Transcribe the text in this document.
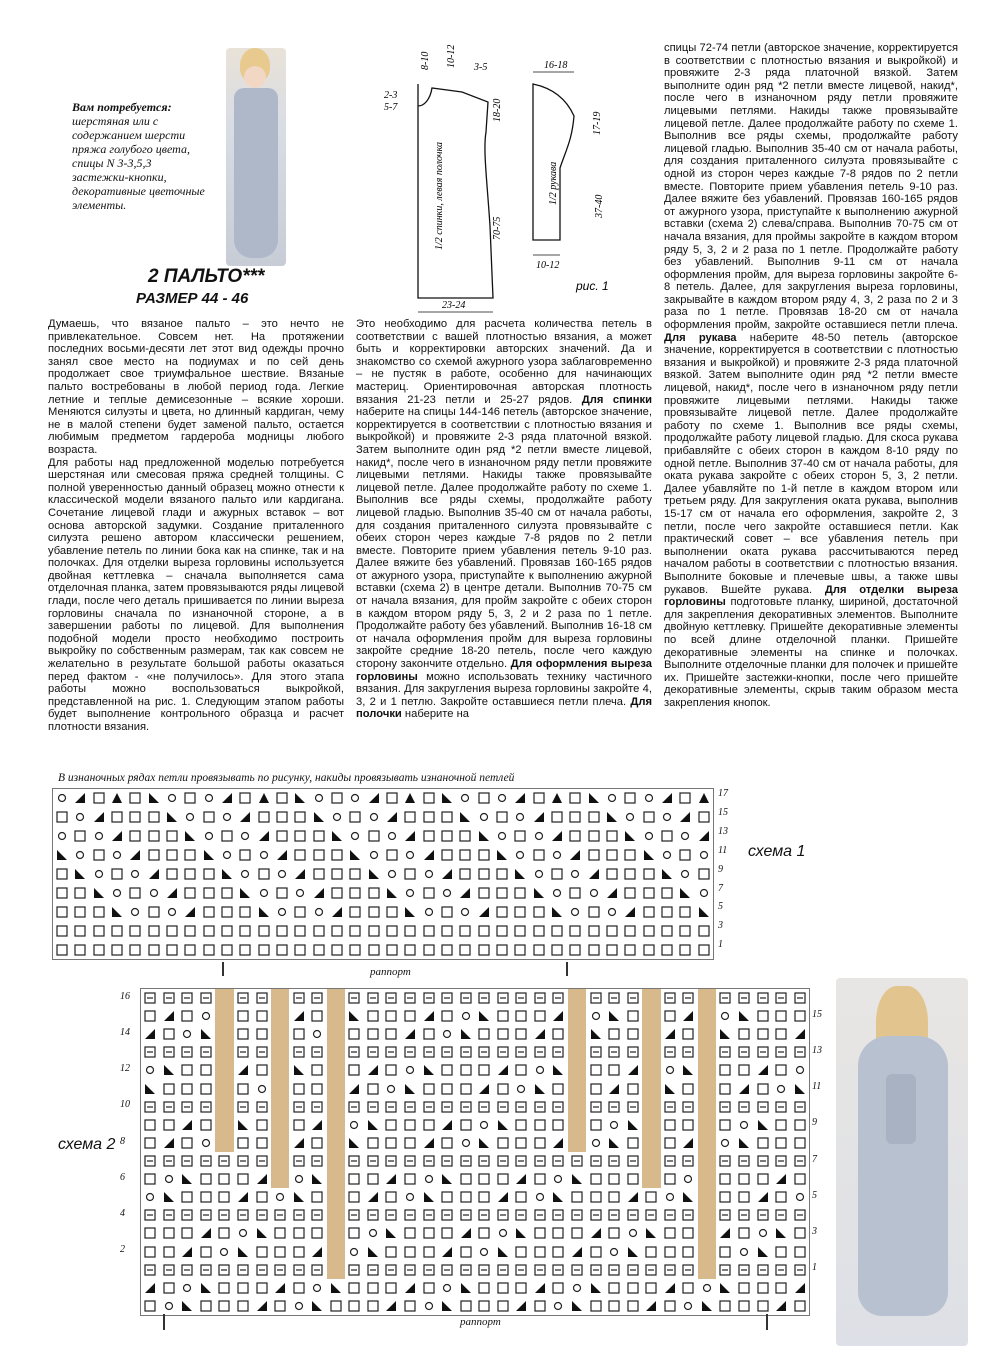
Вам потребуется:
шерстяная или с
содержанием шерсти
пряжа голубого цвета,
спицы N 3-3,5,3
застежки-кнопки,
декоративные цветочные
элементы.
2 ПАЛЬТО***
РАЗМЕР 44 - 46
8-10 10-12 3-5
2-3
5-7	18-20
70-75
23-24
1/2 спинки, левая полочка
16-18
17-19
37-40
1/2 рукава
10-12
рис. 1

Думаешь, что вязаное пальто – это нечто не привлекательное. Совсем нет. На протяжении последних восьми-десяти лет этот вид одежды прочно занял свое место на подиумах и по сей день продолжает свое триумфальное шествие. Вязаные пальто востребованы в любой период года. Легкие летние и теплые демисезонные – всякие хороши. Меняются силуэты и цвета, но длинный кардиган, чему не в малой степени будет заменой пальто, остается любимым предметом гардероба модницы любого возраста.

Для работы над предложенной моделью потребуется шерстяная или смесовая пряжа средней толщины. С полной уверенностью данный образец можно отнести к классической модели вязаного пальто или кардигана. Сочетание лицевой глади и ажурных вставок – вот основа авторской задумки. Создание приталенного силуэта решено автором классически решением, убавление петель по линии бока как на спинке, так и на полочках. Для отделки выреза горловины используется двойная кеттлевка – сначала выполняется сама отделочная планка, затем провязываются ряды лицевой глади, после чего деталь пришивается по линии выреза горловины сначала по изнаночной стороне, а в завершении работы по лицевой. Для выполнения подобной модели просто необходимо построить выкройку по собственным размерам, так как совсем не желательно в результате большой работы оказаться перед фактом - «не получилось». Для этого этапа работы можно воспользоваться выкройкой, представленной на рис. 1. Следующим этапом работы будет выполнение контрольного образца и расчет плотности вязания.

Это необходимо для расчета количества петель в соответствии с вашей плотностью вязания, а может быть и корректировки авторских значений. Да и знакомство со схемой ажурного узора заблаговременно – не пустяк в работе, особенно для начинающих мастериц. Ориентировочная авторская плотность вязания 21-23 петли и 25-27 рядов. Для спинки наберите на спицы 144-146 петель (авторское значение, корректируется в соответствии с плотностью вязания и выкройкой) и провяжите 2-3 ряда платочной вязкой. Затем выполните один ряд *2 петли вместе лицевой, накид*, после чего в изнаночном ряду петли провяжите лицевыми петлями. Накиды также провязывайте лицевой петле. Далее продолжайте работу по схеме 1. Выполнив все ряды схемы, продолжайте работу лицевой гладью. Выполнив 35-40 см от начала работы, для создания приталенного силуэта провязывайте с обеих сторон через каждые 7-8 рядов по 2 петли вместе. Повторите прием убавления петель 9-10 раз. Далее вяжите без убавлений. Провязав 160-165 рядов от ажурного узора, приступайте к выполнению ажурной вставки (схема 2) в центре детали. Выполнив 70-75 см от начала вязания, для пройм закройте с обеих сторон в каждом втором ряду 5, 3, 2 и 2 раза по 1 петле. Продолжайте работу без убавлений. Выполнив 16-18 см от начала оформления пройм для выреза горловины закройте средние 18-20 петель, после чего каждую сторону закончите отдельно. Для оформления выреза горловины можно использовать технику частичного вязания. Для закругления выреза горловины закройте 4, 3, 2 и 1 петлю. Закройте оставшиеся петли плеча. Для полочки наберите на

спицы 72-74 петли (авторское значение, корректируется в соответствии с плотностью вязания и выкройкой) и провяжите 2-3 ряда платочной вязкой. Затем выполните один ряд *2 петли вместе лицевой, накид*, после чего в изнаночном ряду петли провяжите лицевыми петлями. Накиды также провязывайте лицевой петле. Далее продолжайте работу по схеме 1. Выполнив все ряды схемы, продолжайте работу лицевой гладью. Выполнив 35-40 см от начала работы, для создания приталенного силуэта провязывайте с одной из сторон через каждые 7-8 рядов по 2 петли вместе. Повторите прием убавления петель 9-10 раз. Далее вяжите без убавлений. Провязав 160-165 рядов от ажурного узора, приступайте к выполнению ажурной вставки (схема 2) слева/справа. Выполнив 70-75 см от начала вязания, для проймы закройте в каждом втором ряду 5, 3, 2 и 2 раза по 1 петле. Продолжайте работу без убавлений. Выполнив 9-11 см от начала оформления пройм, для выреза горловины закройте 6-8 петель. Далее, для закругления выреза горловины, закрывайте в каждом втором ряду 4, 3, 2 раза по 2 и 3 раза по 1 петле. Провязав 18-20 см от начала оформления пройм, закройте оставшиеся петли плеча. Для рукава наберите 48-50 петель (авторское значение, корректируется в соответствии с плотностью вязания и выкройкой) и провяжите 2-3 ряда платочной вязкой. Затем выполните один ряд *2 петли вместе лицевой, накид*, после чего в изнаночном ряду петли провяжите лицевыми петлями. Накиды также провязывайте лицевой петле. Далее продолжайте работу по схеме 1. Выполнив все ряды схемы, продолжайте работу лицевой гладью. Для скоса рукава прибавляйте с обеих сторон в каждом 8-10 ряду по одной петле. Выполнив 37-40 см от начала работы, для оката рукава закройте с обеих сторон 5, 3, 2 петли. Далее убавляйте по 1-й петле в каждом втором или третьем ряду. Для закругления оката рукава, выполнив 15-17 см от начала его оформления, закройте 2, 3 петли, после чего закройте оставшиеся петли. Как практический совет – все убавления петель при выполнении оката рукава рассчитываются перед началом работы в соответствии с плотностью вязания. Выполните боковые и плечевые швы, а также швы рукавов. Вшейте рукава. Для отделки выреза горловины подготовьте планку, шириной, достаточной для закрепления декоративных элементов. Выполните двойную кеттлевку. Пришейте декоративные элементы по всей длине отделочной планки. Пришейте декоративные элементы на спинке и полочках. Выполните отделочные планки для полочек и пришейте их. Пришейте застежки-кнопки, после чего пришейте декоративные элементы, скрыв таким образом места закрепления кнопок.

В изнаночных рядах петли провязывать по рисунку, накиды провязывать изнаночной петлей
17
15
13
11
9
7
5
3
1
схема 1
раппорт
16
14
12
10
8
6
4
2
15
13
11
9
7
5
3
1
схема 2
раппорт
